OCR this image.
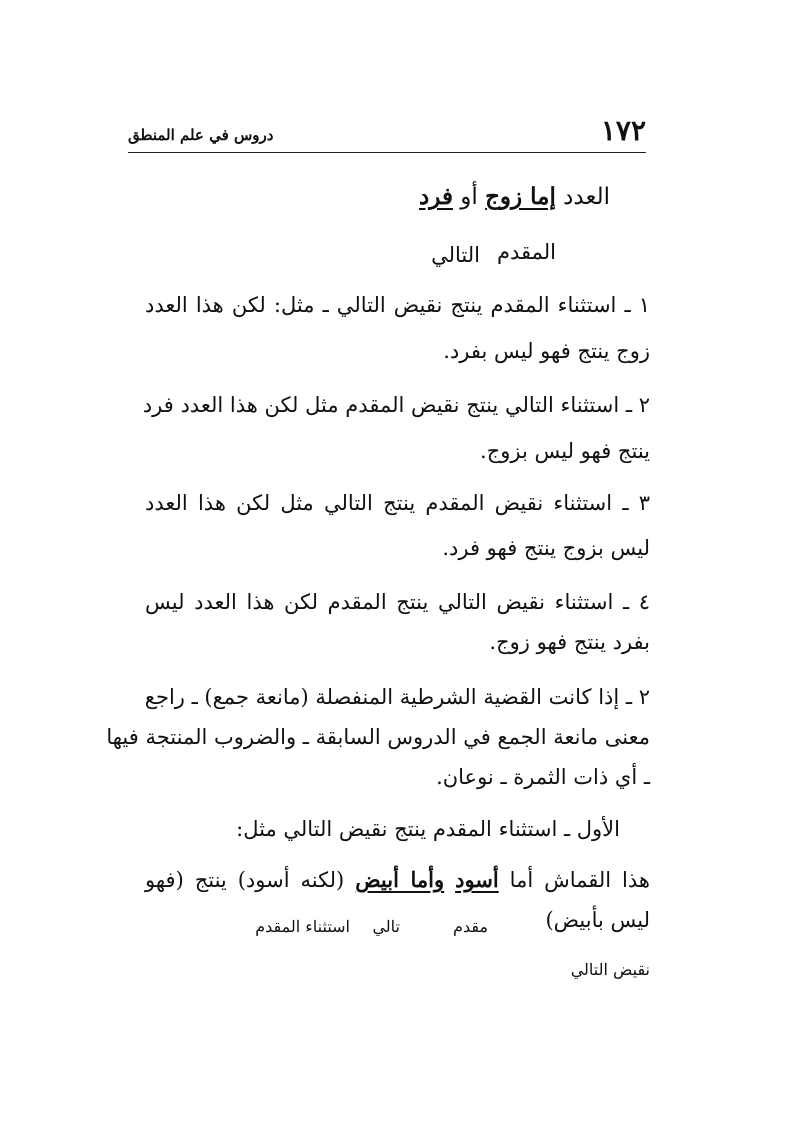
١٧٢
دروس في علم المنطق
العدد إما زوج أو فرد
المقدم
التالي
١ ـ استثناء المقدم ينتج نقيض التالي ـ مثل: لكن هذا العدد
زوج ينتج فهو ليس بفرد.
٢ ـ استثناء التالي ينتج نقيض المقدم مثل لكن هذا العدد فرد
ينتج فهو ليس بزوج.
٣ ـ استثناء نقيض المقدم ينتج التالي مثل لكن هذا العدد
ليس بزوج ينتج فهو فرد.
٤ ـ استثناء نقيض التالي ينتج المقدم لكن هذا العدد ليس
بفرد ينتج فهو زوج.
٢ ـ إذا كانت القضية الشرطية المنفصلة (مانعة جمع) ـ راجع
معنى مانعة الجمع في الدروس السابقة ـ والضروب المنتجة فيها
ـ أي ذات الثمرة ـ نوعان.
الأول ـ استثناء المقدم ينتج نقيض التالي مثل:
هذا القماش أما أسود وأما أبيض (لكنه أسود) ينتج (فهو
ليس بأبيض)
مقدم
تالي
استثناء المقدم
نقيض التالي
